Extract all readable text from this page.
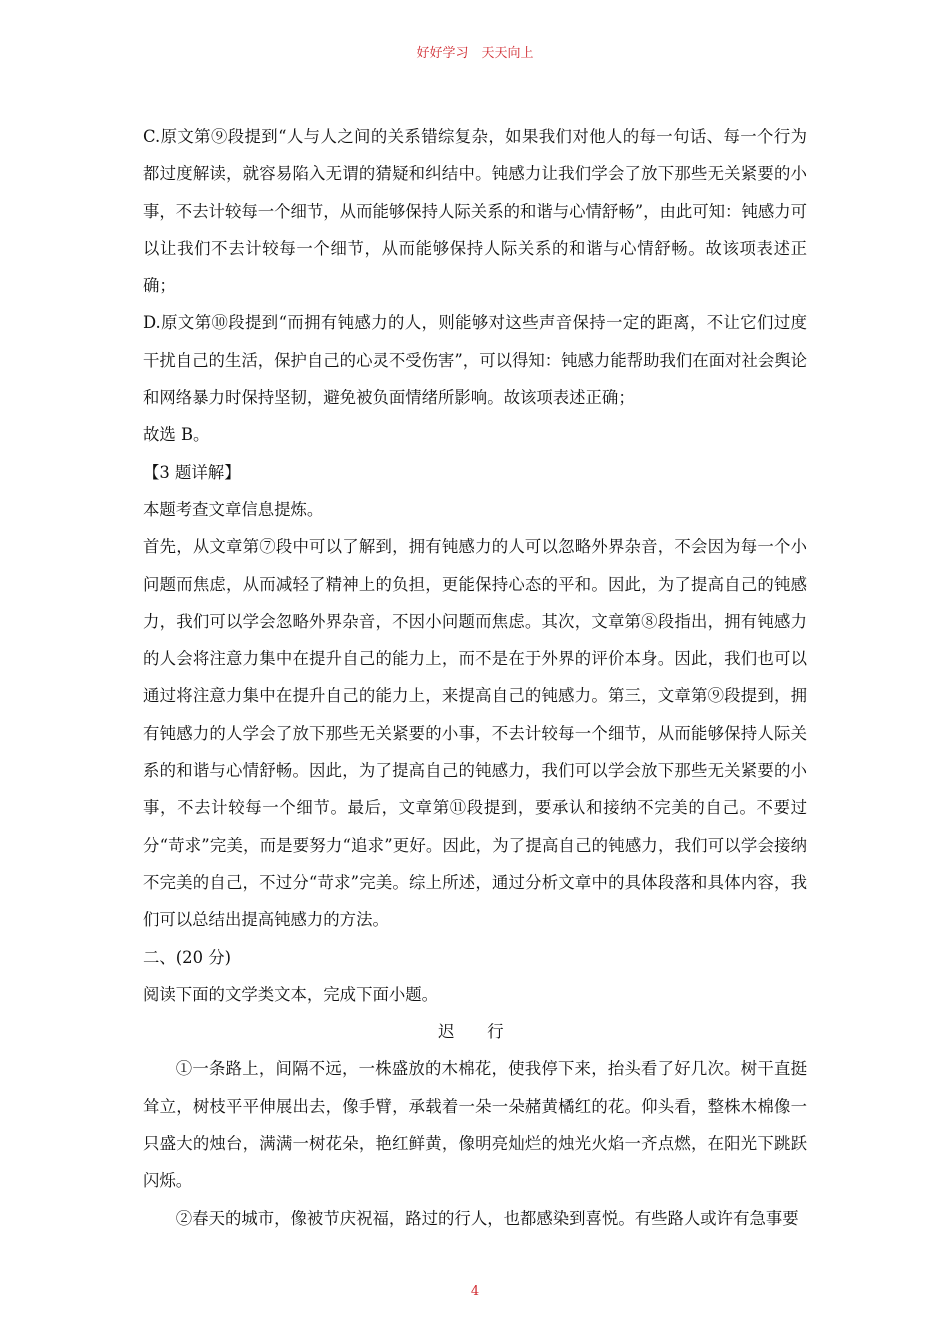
好好学习　天天向上

C.原文第⑨段提到“人与人之间的关系错综复杂，如果我们对他人的每一句话、每一个行为都过度解读，就容易陷入无谓的猜疑和纠结中。钝感力让我们学会了放下那些无关紧要的小事，不去计较每一个细节，从而能够保持人际关系的和谐与心情舒畅”，由此可知：钝感力可以让我们不去计较每一个细节，从而能够保持人际关系的和谐与心情舒畅。故该项表述正确；

D.原文第⑩段提到“而拥有钝感力的人，则能够对这些声音保持一定的距离，不让它们过度干扰自己的生活，保护自己的心灵不受伤害”，可以得知：钝感力能帮助我们在面对社会舆论和网络暴力时保持坚韧，避免被负面情绪所影响。故该项表述正确；

故选 B。

【3 题详解】

本题考查文章信息提炼。

首先，从文章第⑦段中可以了解到，拥有钝感力的人可以忽略外界杂音，不会因为每一个小问题而焦虑，从而减轻了精神上的负担，更能保持心态的平和。因此，为了提高自己的钝感力，我们可以学会忽略外界杂音，不因小问题而焦虑。其次，文章第⑧段指出，拥有钝感力的人会将注意力集中在提升自己的能力上，而不是在于外界的评价本身。因此，我们也可以通过将注意力集中在提升自己的能力上，来提高自己的钝感力。第三，文章第⑨段提到，拥有钝感力的人学会了放下那些无关紧要的小事，不去计较每一个细节，从而能够保持人际关系的和谐与心情舒畅。因此，为了提高自己的钝感力，我们可以学会放下那些无关紧要的小事，不去计较每一个细节。最后，文章第⑪段提到，要承认和接纳不完美的自己。不要过分“苛求”完美，而是要努力“追求”更好。因此，为了提高自己的钝感力，我们可以学会接纳不完美的自己，不过分“苛求”完美。综上所述，通过分析文章中的具体段落和具体内容，我们可以总结出提高钝感力的方法。

二、(20 分)

阅读下面的文学类文本，完成下面小题。

迟　行

①一条路上，间隔不远，一株盛放的木棉花，使我停下来，抬头看了好几次。树干直挺耸立，树枝平平伸展出去，像手臂，承载着一朵一朵赭黄橘红的花。仰头看，整株木棉像一只盛大的烛台，满满一树花朵，艳红鲜黄，像明亮灿烂的烛光火焰一齐点燃，在阳光下跳跃闪烁。

②春天的城市，像被节庆祝福，路过的行人，也都感染到喜悦。有些路人或许有急事要

4
